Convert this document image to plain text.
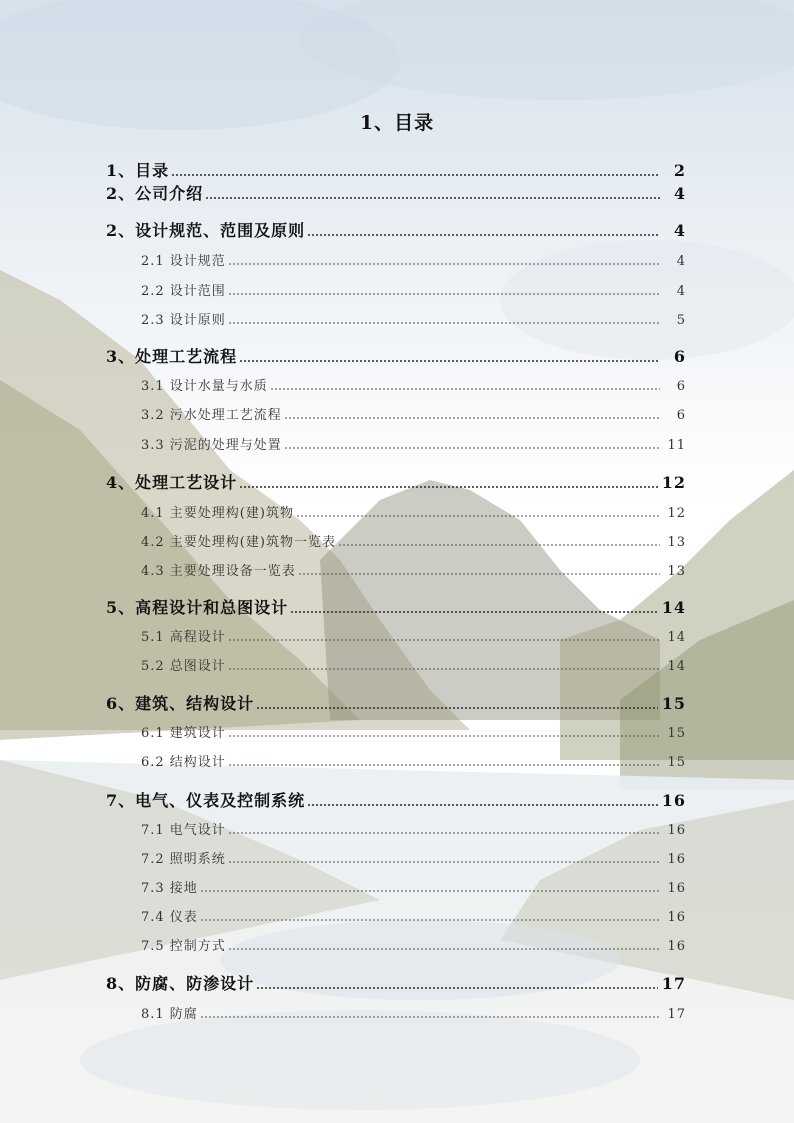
1、目录
1、目录	2
2、公司介绍	4
2、设计规范、范围及原则	4
2.1 设计规范	4
2.2 设计范围	4
2.3 设计原则	5
3、处理工艺流程	6
3.1 设计水量与水质	6
3.2 污水处理工艺流程	6
3.3 污泥的处理与处置	11
4、处理工艺设计	12
4.1 主要处理构(建)筑物	12
4.2 主要处理构(建)筑物一览表	13
4.3 主要处理设备一览表	13
5、高程设计和总图设计	14
5.1 高程设计	14
5.2 总图设计	14
6、建筑、结构设计	15
6.1 建筑设计	15
6.2 结构设计	15
7、电气、仪表及控制系统	16
7.1 电气设计	16
7.2 照明系统	16
7.3 接地	16
7.4 仪表	16
7.5 控制方式	16
8、防腐、防渗设计	17
8.1 防腐	17
